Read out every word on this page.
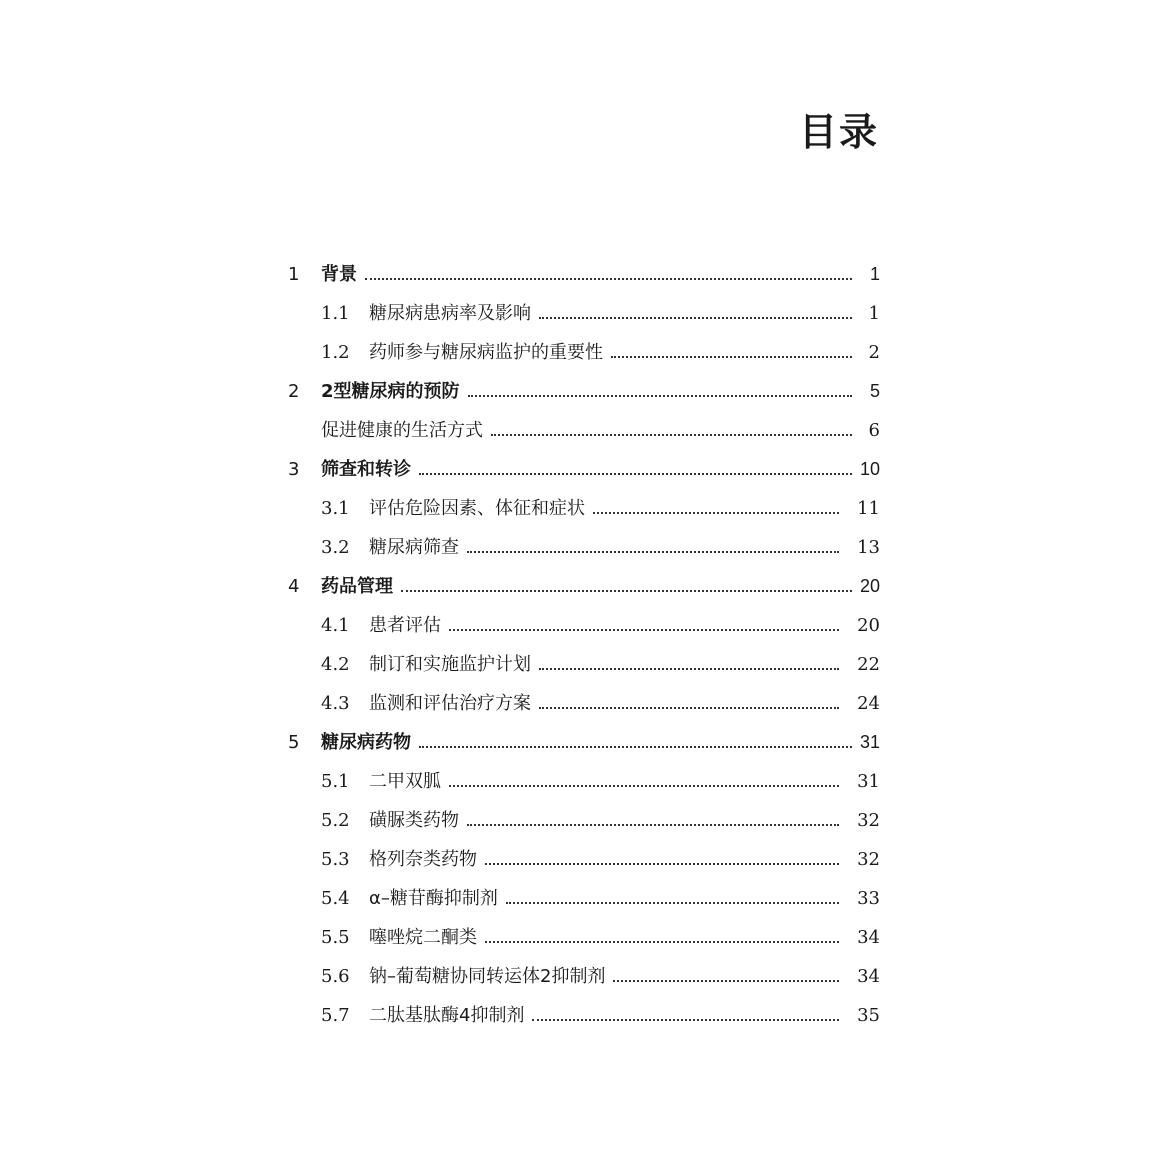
目录
1	背景	1
1.1	糖尿病患病率及影响	1
1.2	药师参与糖尿病监护的重要性	2
2	2型糖尿病的预防	5
促进健康的生活方式	6
3	筛查和转诊	10
3.1	评估危险因素、体征和症状	11
3.2	糖尿病筛查	13
4	药品管理	20
4.1	患者评估	20
4.2	制订和实施监护计划	22
4.3	监测和评估治疗方案	24
5	糖尿病药物	31
5.1	二甲双胍	31
5.2	磺脲类药物	32
5.3	格列奈类药物	32
5.4	α–糖苷酶抑制剂	33
5.5	噻唑烷二酮类	34
5.6	钠–葡萄糖协同转运体2抑制剂	34
5.7	二肽基肽酶4抑制剂	35
